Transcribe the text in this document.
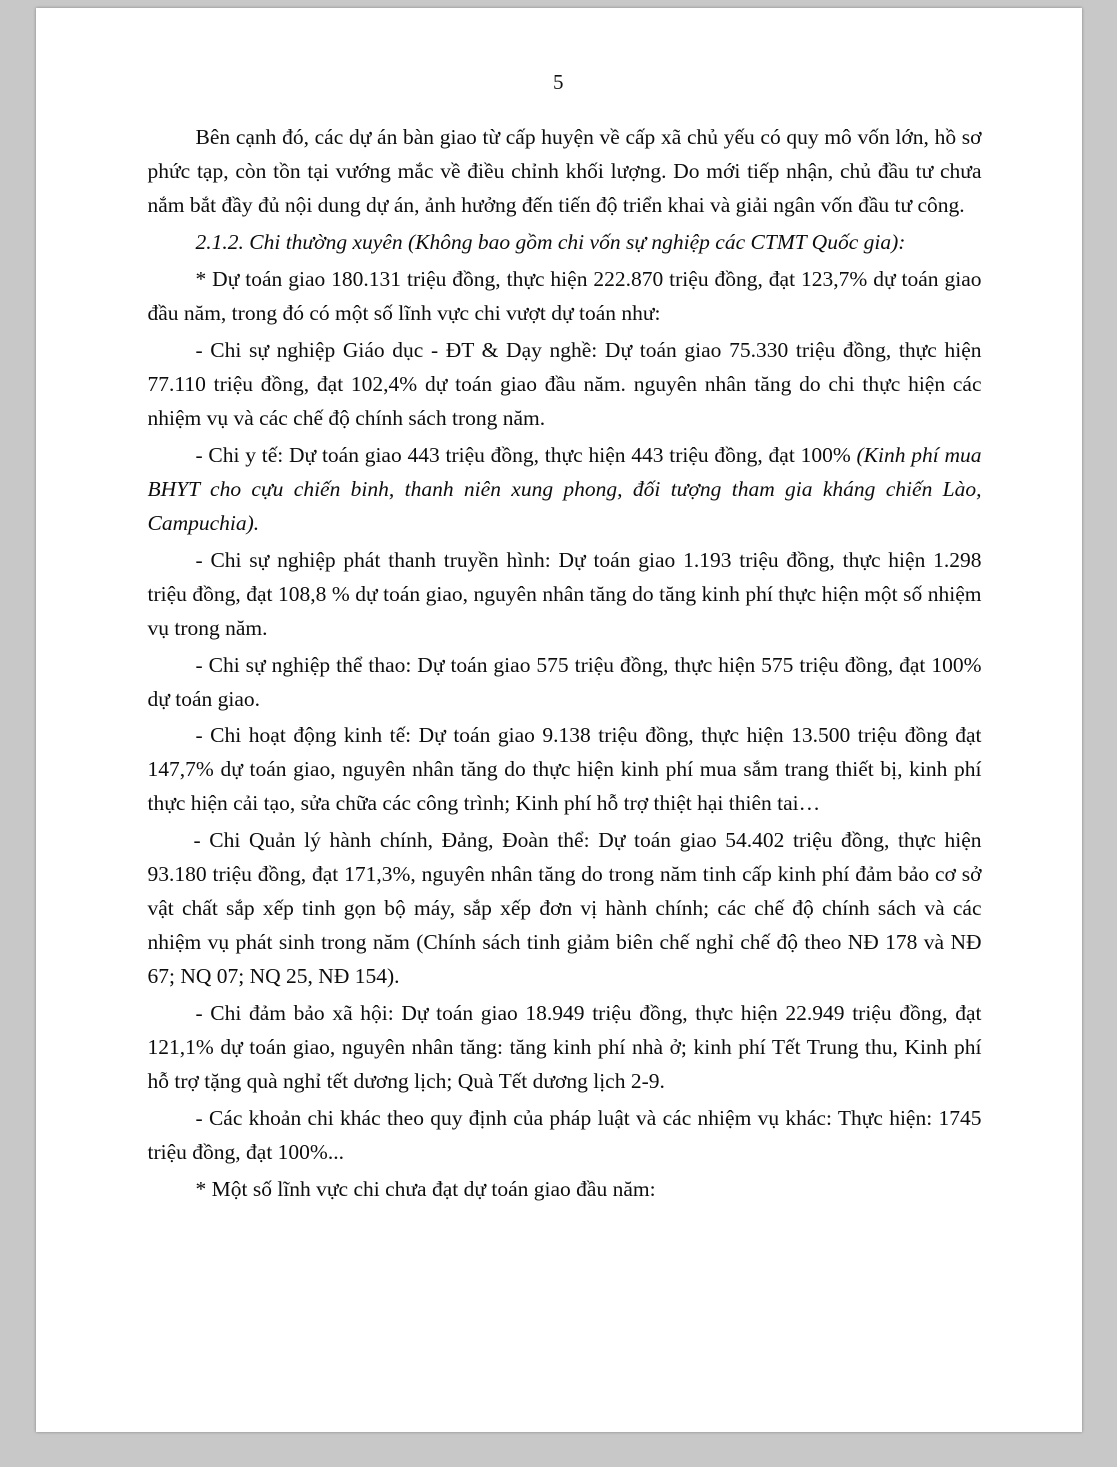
5

Bên cạnh đó, các dự án bàn giao từ cấp huyện về cấp xã chủ yếu có quy mô vốn lớn, hồ sơ phức tạp, còn tồn tại vướng mắc về điều chỉnh khối lượng. Do mới tiếp nhận, chủ đầu tư chưa nắm bắt đầy đủ nội dung dự án, ảnh hưởng đến tiến độ triển khai và giải ngân vốn đầu tư công.

2.1.2. Chi thường xuyên (Không bao gồm chi vốn sự nghiệp các CTMT Quốc gia):

* Dự toán giao 180.131 triệu đồng, thực hiện 222.870 triệu đồng, đạt 123,7% dự toán giao đầu năm, trong đó có một số lĩnh vực chi vượt dự toán như:

- Chi sự nghiệp Giáo dục - ĐT & Dạy nghề: Dự toán giao 75.330 triệu đồng, thực hiện 77.110 triệu đồng, đạt 102,4% dự toán giao đầu năm. nguyên nhân tăng do chi thực hiện các nhiệm vụ và các chế độ chính sách trong năm.

- Chi y tế: Dự toán giao 443 triệu đồng, thực hiện 443 triệu đồng, đạt 100% (Kinh phí mua BHYT cho cựu chiến binh, thanh niên xung phong, đối tượng tham gia kháng chiến Lào, Campuchia).

- Chi sự nghiệp phát thanh truyền hình: Dự toán giao 1.193 triệu đồng, thực hiện 1.298 triệu đồng, đạt 108,8 % dự toán giao, nguyên nhân tăng do tăng kinh phí thực hiện một số nhiệm vụ trong năm.

- Chi sự nghiệp thể thao: Dự toán giao 575 triệu đồng, thực hiện 575 triệu đồng, đạt 100% dự toán giao.

- Chi hoạt động kinh tế: Dự toán giao 9.138 triệu đồng, thực hiện 13.500 triệu đồng đạt 147,7% dự toán giao, nguyên nhân tăng do thực hiện kinh phí mua sắm trang thiết bị, kinh phí thực hiện cải tạo, sửa chữa các công trình; Kinh phí hỗ trợ thiệt hại thiên tai…

- Chi Quản lý hành chính, Đảng, Đoàn thể: Dự toán giao 54.402 triệu đồng, thực hiện 93.180 triệu đồng, đạt 171,3%, nguyên nhân tăng do trong năm tinh cấp kinh phí đảm bảo cơ sở vật chất sắp xếp tinh gọn bộ máy, sắp xếp đơn vị hành chính; các chế độ chính sách và các nhiệm vụ phát sinh trong năm (Chính sách tinh giảm biên chế nghỉ chế độ theo NĐ 178 và NĐ 67; NQ 07; NQ 25, NĐ 154).

- Chi đảm bảo xã hội: Dự toán giao 18.949 triệu đồng, thực hiện 22.949 triệu đồng, đạt 121,1% dự toán giao, nguyên nhân tăng: tăng kinh phí nhà ở; kinh phí Tết Trung thu, Kinh phí hỗ trợ tặng quà nghỉ tết dương lịch; Quà Tết dương lịch 2-9.

- Các khoản chi khác theo quy định của pháp luật và các nhiệm vụ khác: Thực hiện: 1745 triệu đồng, đạt 100%...

* Một số lĩnh vực chi chưa đạt dự toán giao đầu năm:
